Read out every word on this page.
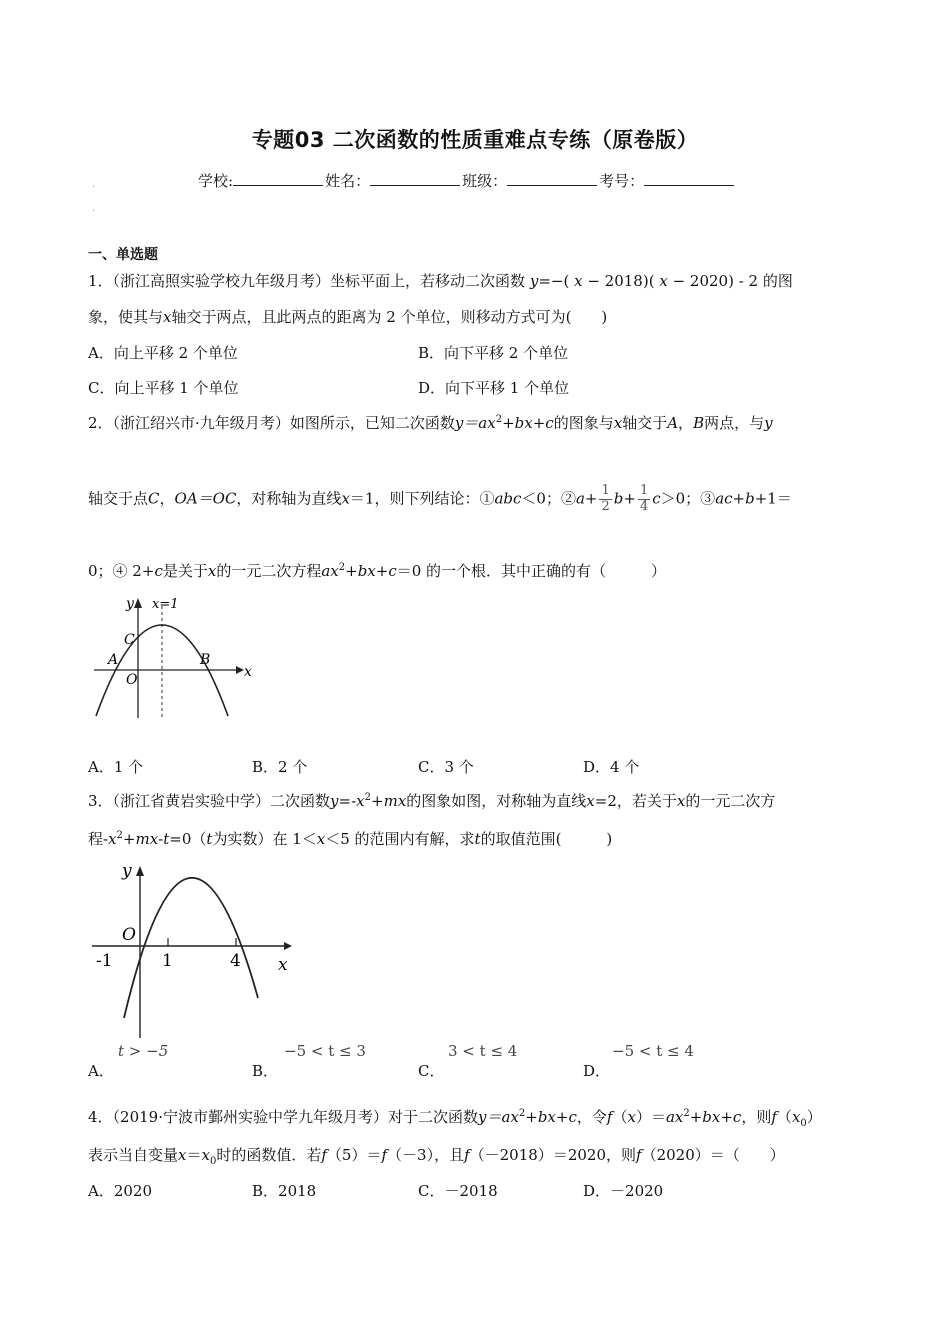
专题03 二次函数的性质重难点专练（原卷版）
学校:	姓名：	班级：	考号：
·
·
一、单选题
1．（浙江高照实验学校九年级月考）坐标平面上，若移动二次函数 y=−( x − 2018)( x − 2020) - 2 的图
象，使其与x轴交于两点，且此两点的距离为 2 个单位，则移动方式可为(　　)
A．向上平移 2 个单位	B．向下平移 2 个单位
C．向上平移 1 个单位	D．向下平移 1 个单位
2．（浙江绍兴市·九年级月考）如图所示，已知二次函数$y=ax^2+bx+c$的图象与x轴交于A，B两点，与y
轴交于点C，OA＝OC，对称轴为直线x＝1，则下列结论：①abc＜0；②a+ $\frac{1}{2} b+ \frac{1}{4} c>0$；③ac+b+1＝
0；④ 2+c是关于x的一元二次方程$ax^2+bx+c=0$ 的一个根．其中正确的有（　　　）
y x=1
C
A	B
x
O
A．1 个	B．2 个	C．3 个	D．4 个
3．（浙江省黄岩实验中学）二次函数$y=-x^2+mx$的图象如图，对称轴为直线x=2，若关于x的一元二次方
程$-x^2+mx-t=0(t$为实数）在 1＜x＜5 的范围内有解，求t的取值范围(　　　)
y
O
-1	1	4 x
A．
t > −5
B．
−5 < t ≤ 3
C．
3 < t ≤ 4
D．
−5 < t ≤ 4
4．（2019·宁波市鄞州实验中学九年级月考）对于二次函数$y=ax^2+bx+c$，令$f(x)=ax^2+bx+c$，则$f(x_0)$
表示当自变量$x=x_0$时的函数值．若f（5）＝f（－3），且f（－2018）＝2020，则f（2020）＝（　　）
A．2020	B．2018	C．－2018	D．－2020
